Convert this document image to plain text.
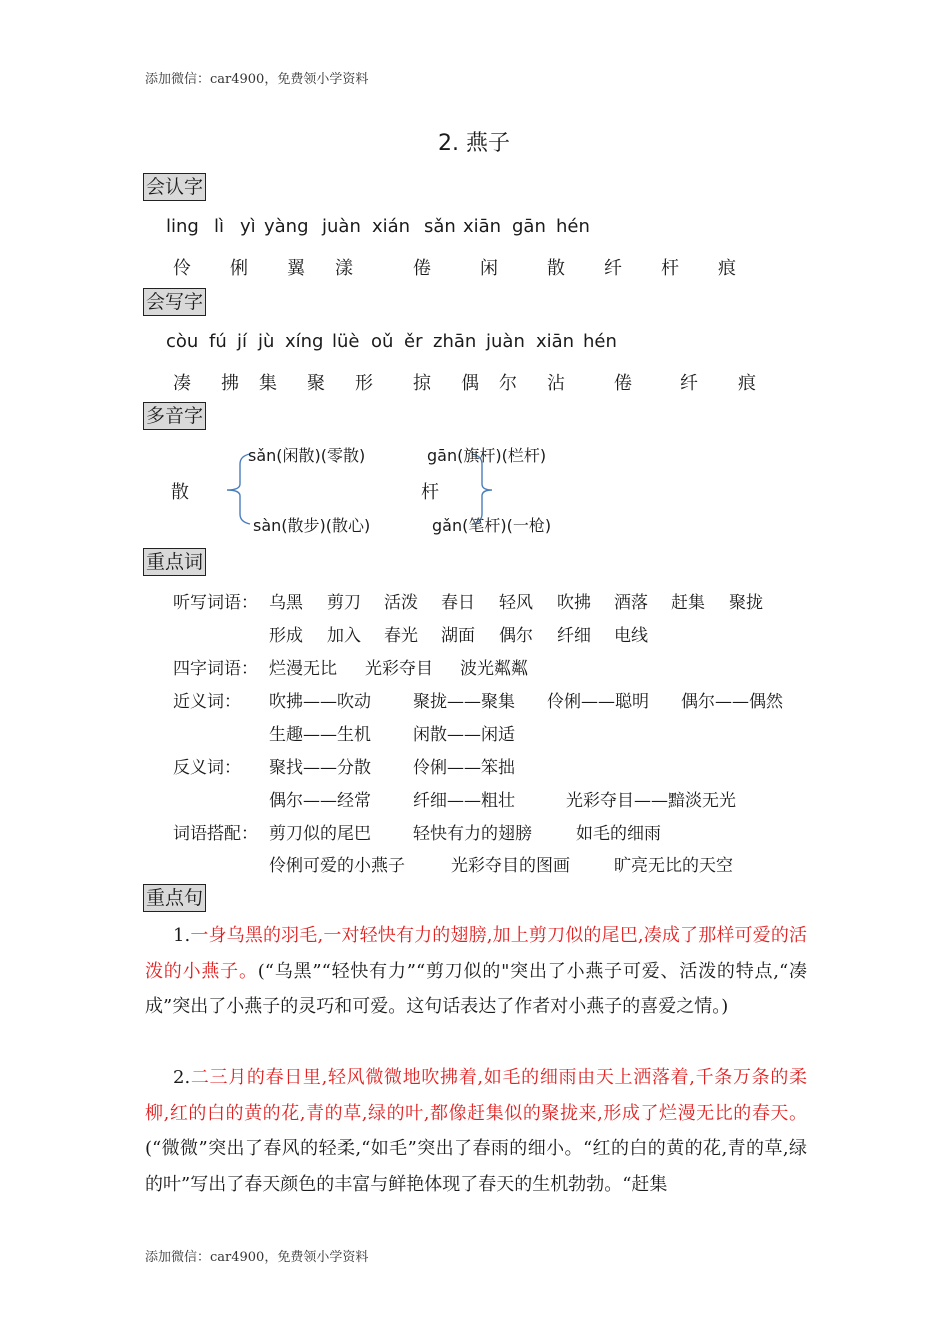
添加微信：car4900，免费领小学资料
2. 燕子
会认字
ling lì yì yàng juàn xián sǎn xiān gān hén
伶 俐 翼 漾	倦	闲	散 纤 杆 痕
会写字
còu fú jí jù xíng lüè oǔ ěr zhān juàn xiān hén
凑 拂 集 聚 形 掠 偶 尔 沾	倦	纤 痕
多音字
sǎn(闲散)(零散)
散
sàn(散步)(散心)
gān(旗杆)(栏杆)
杆
gǎn(笔杆)(一枪)
重点词
听写词语： 乌黑 剪刀 活泼 春日 轻风 吹拂 酒落 赶集 聚拢
形成 加入 春光 湖面 偶尔 纤细 电线
四字词语： 烂漫无比 光彩夺目 波光粼粼
近义词： 吹拂——吹动 聚拢——聚集 伶俐——聪明 偶尔——偶然
生趣——生机 闲散——闲适
反义词： 聚找——分散 伶俐——笨拙
偶尔——经常 纤细——粗壮	光彩夺目——黯淡无光
词语搭配： 剪刀似的尾巴 轻快有力的翅膀	如毛的细雨
伶俐可爱的小燕子	光彩夺目的图画	旷亮无比的天空
重点句
1.一身乌黑的羽毛,一对轻快有力的翅膀,加上剪刀似的尾巴,凑成了那样可爱的活泼的小燕子。(“乌黑”“轻快有力”“剪刀似的"突出了小燕子可爱、活泼的特点,“凑成”突出了小燕子的灵巧和可爱。这句话表达了作者对小燕子的喜爱之情。)
2.二三月的春日里,轻风微微地吹拂着,如毛的细雨由天上洒落着,千条万条的柔柳,红的白的黄的花,青的草,绿的叶,都像赶集似的聚拢来,形成了烂漫无比的春天。(“微微”突出了春风的轻柔,“如毛”突出了春雨的细小。“红的白的黄的花,青的草,绿的叶”写出了春天颜色的丰富与鲜艳体现了春天的生机勃勃。“赶集
添加微信：car4900，免费领小学资料
